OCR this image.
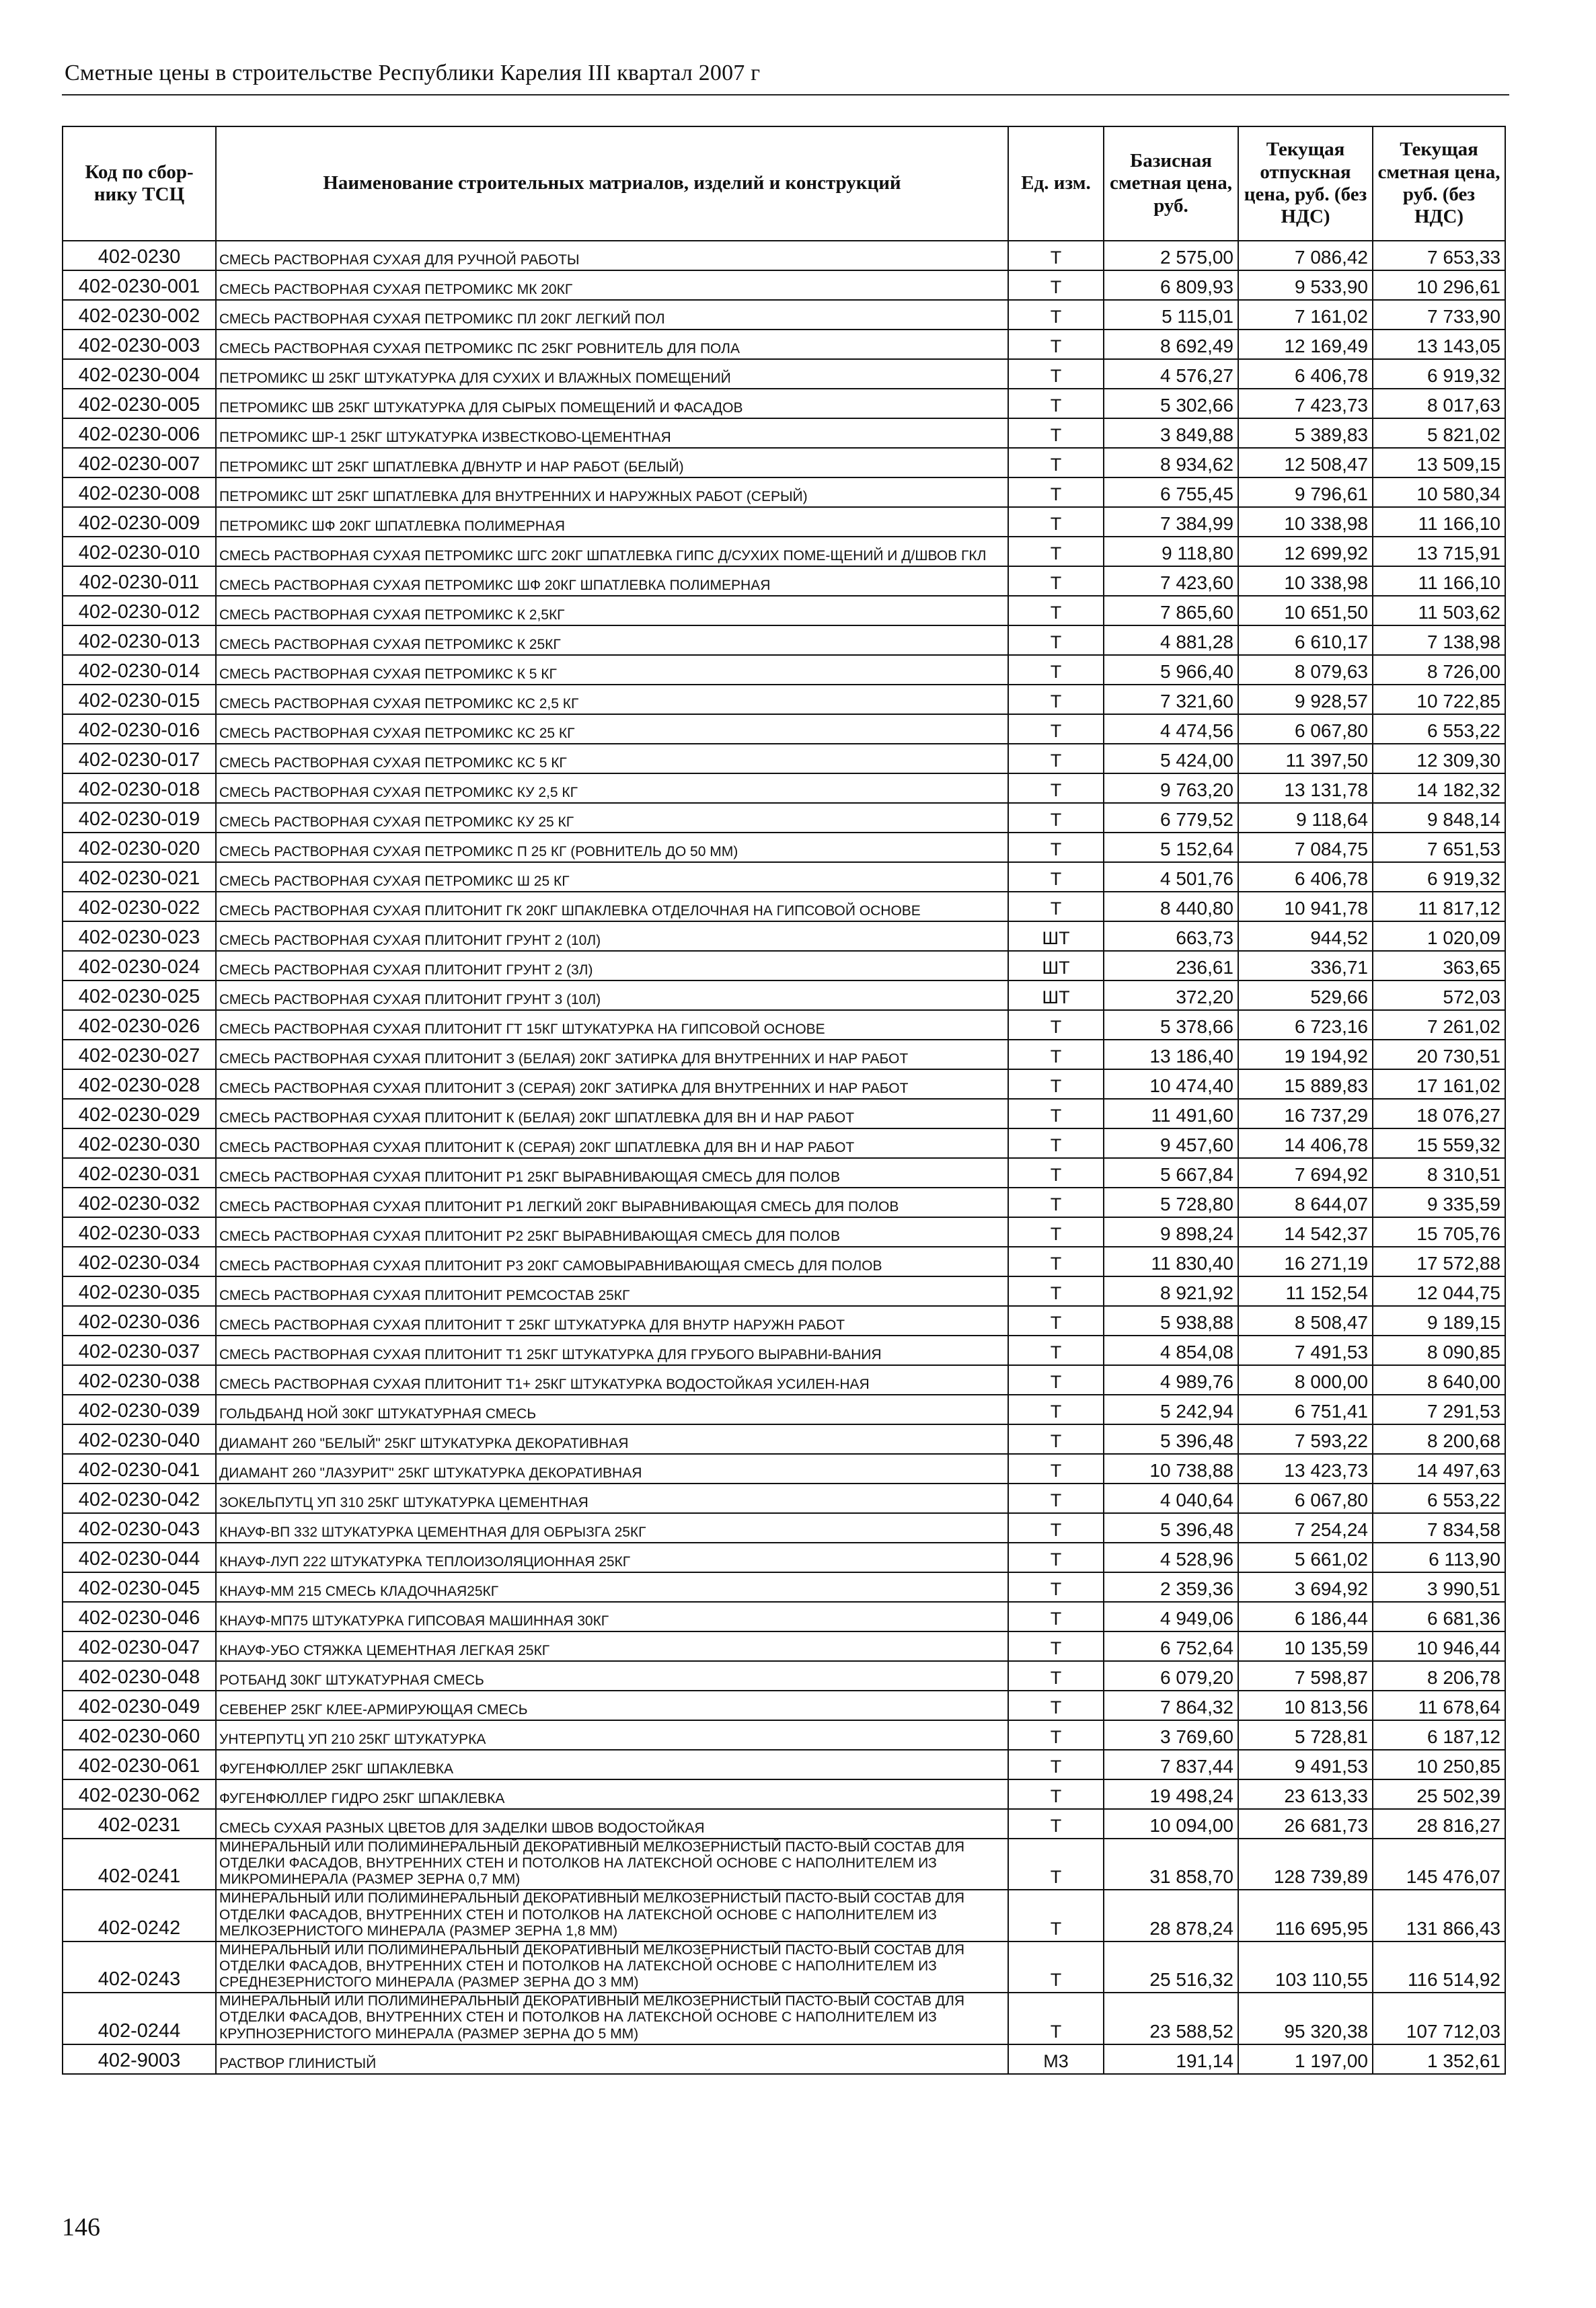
Сметные цены в строительстве Республики Карелия III квартал 2007 г
Код по сбор-нику ТСЦ	Наименование строительных матриалов, изделий и конструкций	Ед. изм.	Базисная сметная цена, руб.	Текущая отпускная цена, руб. (без НДС)	Текущая сметная цена, руб. (без НДС)
402-0230	СМЕСЬ РАСТВОРНАЯ СУХАЯ ДЛЯ РУЧНОЙ РАБОТЫ	Т	2 575,00	7 086,42	7 653,33
402-0230-001	СМЕСЬ РАСТВОРНАЯ СУХАЯ ПЕТРОМИКС МК 20КГ	Т	6 809,93	9 533,90	10 296,61
402-0230-002	СМЕСЬ РАСТВОРНАЯ СУХАЯ ПЕТРОМИКС ПЛ 20КГ ЛЕГКИЙ ПОЛ	Т	5 115,01	7 161,02	7 733,90
402-0230-003	СМЕСЬ РАСТВОРНАЯ СУХАЯ ПЕТРОМИКС ПС 25КГ РОВНИТЕЛЬ ДЛЯ ПОЛА	Т	8 692,49	12 169,49	13 143,05
402-0230-004	ПЕТРОМИКС Ш 25КГ ШТУКАТУРКА ДЛЯ СУХИХ И ВЛАЖНЫХ ПОМЕЩЕНИЙ	Т	4 576,27	6 406,78	6 919,32
402-0230-005	ПЕТРОМИКС ШВ 25КГ ШТУКАТУРКА ДЛЯ СЫРЫХ ПОМЕЩЕНИЙ И ФАСАДОВ	Т	5 302,66	7 423,73	8 017,63
402-0230-006	ПЕТРОМИКС ШР-1 25КГ ШТУКАТУРКА ИЗВЕСТКОВО-ЦЕМЕНТНАЯ	Т	3 849,88	5 389,83	5 821,02
402-0230-007	ПЕТРОМИКС ШТ 25КГ ШПАТЛЕВКА Д/ВНУТР И НАР РАБОТ (БЕЛЫЙ)	Т	8 934,62	12 508,47	13 509,15
402-0230-008	ПЕТРОМИКС ШТ 25КГ ШПАТЛЕВКА ДЛЯ ВНУТРЕННИХ И НАРУЖНЫХ РАБОТ (СЕРЫЙ)	Т	6 755,45	9 796,61	10 580,34
402-0230-009	ПЕТРОМИКС ШФ 20КГ ШПАТЛЕВКА ПОЛИМЕРНАЯ	Т	7 384,99	10 338,98	11 166,10
402-0230-010	СМЕСЬ РАСТВОРНАЯ СУХАЯ ПЕТРОМИКС ШГС 20КГ ШПАТЛЕВКА ГИПС Д/СУХИХ ПОМЕ-ЩЕНИЙ И Д/ШВОВ ГКЛ	Т	9 118,80	12 699,92	13 715,91
402-0230-011	СМЕСЬ РАСТВОРНАЯ СУХАЯ ПЕТРОМИКС ШФ 20КГ ШПАТЛЕВКА ПОЛИМЕРНАЯ	Т	7 423,60	10 338,98	11 166,10
402-0230-012	СМЕСЬ РАСТВОРНАЯ СУХАЯ ПЕТРОМИКС К 2,5КГ	Т	7 865,60	10 651,50	11 503,62
402-0230-013	СМЕСЬ РАСТВОРНАЯ СУХАЯ ПЕТРОМИКС К 25КГ	Т	4 881,28	6 610,17	7 138,98
402-0230-014	СМЕСЬ РАСТВОРНАЯ СУХАЯ ПЕТРОМИКС К 5 КГ	Т	5 966,40	8 079,63	8 726,00
402-0230-015	СМЕСЬ РАСТВОРНАЯ СУХАЯ ПЕТРОМИКС КС 2,5 КГ	Т	7 321,60	9 928,57	10 722,85
402-0230-016	СМЕСЬ РАСТВОРНАЯ СУХАЯ ПЕТРОМИКС КС 25 КГ	Т	4 474,56	6 067,80	6 553,22
402-0230-017	СМЕСЬ РАСТВОРНАЯ СУХАЯ ПЕТРОМИКС КС 5 КГ	Т	5 424,00	11 397,50	12 309,30
402-0230-018	СМЕСЬ РАСТВОРНАЯ СУХАЯ ПЕТРОМИКС КУ 2,5 КГ	Т	9 763,20	13 131,78	14 182,32
402-0230-019	СМЕСЬ РАСТВОРНАЯ СУХАЯ ПЕТРОМИКС КУ 25 КГ	Т	6 779,52	9 118,64	9 848,14
402-0230-020	СМЕСЬ РАСТВОРНАЯ СУХАЯ ПЕТРОМИКС П 25 КГ (РОВНИТЕЛЬ ДО 50 ММ)	Т	5 152,64	7 084,75	7 651,53
402-0230-021	СМЕСЬ РАСТВОРНАЯ СУХАЯ ПЕТРОМИКС Ш 25 КГ	Т	4 501,76	6 406,78	6 919,32
402-0230-022	СМЕСЬ РАСТВОРНАЯ СУХАЯ ПЛИТОНИТ ГК 20КГ ШПАКЛЕВКА ОТДЕЛОЧНАЯ НА ГИПСОВОЙ ОСНОВЕ	Т	8 440,80	10 941,78	11 817,12
402-0230-023	СМЕСЬ РАСТВОРНАЯ СУХАЯ ПЛИТОНИТ ГРУНТ 2 (10Л)	ШТ	663,73	944,52	1 020,09
402-0230-024	СМЕСЬ РАСТВОРНАЯ СУХАЯ ПЛИТОНИТ ГРУНТ 2 (3Л)	ШТ	236,61	336,71	363,65
402-0230-025	СМЕСЬ РАСТВОРНАЯ СУХАЯ ПЛИТОНИТ ГРУНТ 3 (10Л)	ШТ	372,20	529,66	572,03
402-0230-026	СМЕСЬ РАСТВОРНАЯ СУХАЯ ПЛИТОНИТ ГТ 15КГ ШТУКАТУРКА НА ГИПСОВОЙ ОСНОВЕ	Т	5 378,66	6 723,16	7 261,02
402-0230-027	СМЕСЬ РАСТВОРНАЯ СУХАЯ ПЛИТОНИТ З (БЕЛАЯ) 20КГ ЗАТИРКА ДЛЯ ВНУТРЕННИХ И НАР РАБОТ	Т	13 186,40	19 194,92	20 730,51
402-0230-028	СМЕСЬ РАСТВОРНАЯ СУХАЯ ПЛИТОНИТ З (СЕРАЯ) 20КГ ЗАТИРКА ДЛЯ ВНУТРЕННИХ И НАР РАБОТ	Т	10 474,40	15 889,83	17 161,02
402-0230-029	СМЕСЬ РАСТВОРНАЯ СУХАЯ ПЛИТОНИТ К (БЕЛАЯ) 20КГ ШПАТЛЕВКА ДЛЯ ВН И НАР РАБОТ	Т	11 491,60	16 737,29	18 076,27
402-0230-030	СМЕСЬ РАСТВОРНАЯ СУХАЯ ПЛИТОНИТ К (СЕРАЯ) 20КГ ШПАТЛЕВКА ДЛЯ ВН И НАР РАБОТ	Т	9 457,60	14 406,78	15 559,32
402-0230-031	СМЕСЬ РАСТВОРНАЯ СУХАЯ ПЛИТОНИТ Р1 25КГ ВЫРАВНИВАЮЩАЯ СМЕСЬ ДЛЯ ПОЛОВ	Т	5 667,84	7 694,92	8 310,51
402-0230-032	СМЕСЬ РАСТВОРНАЯ СУХАЯ ПЛИТОНИТ Р1 ЛЕГКИЙ 20КГ ВЫРАВНИВАЮЩАЯ СМЕСЬ ДЛЯ ПОЛОВ	Т	5 728,80	8 644,07	9 335,59
402-0230-033	СМЕСЬ РАСТВОРНАЯ СУХАЯ ПЛИТОНИТ Р2 25КГ ВЫРАВНИВАЮЩАЯ СМЕСЬ ДЛЯ ПОЛОВ	Т	9 898,24	14 542,37	15 705,76
402-0230-034	СМЕСЬ РАСТВОРНАЯ СУХАЯ ПЛИТОНИТ Р3 20КГ САМОВЫРАВНИВАЮЩАЯ СМЕСЬ ДЛЯ ПОЛОВ	Т	11 830,40	16 271,19	17 572,88
402-0230-035	СМЕСЬ РАСТВОРНАЯ СУХАЯ ПЛИТОНИТ РЕМСОСТАВ 25КГ	Т	8 921,92	11 152,54	12 044,75
402-0230-036	СМЕСЬ РАСТВОРНАЯ СУХАЯ ПЛИТОНИТ Т 25КГ ШТУКАТУРКА ДЛЯ ВНУТР НАРУЖН РАБОТ	Т	5 938,88	8 508,47	9 189,15
402-0230-037	СМЕСЬ РАСТВОРНАЯ СУХАЯ ПЛИТОНИТ Т1 25КГ ШТУКАТУРКА ДЛЯ ГРУБОГО ВЫРАВНИ-ВАНИЯ	Т	4 854,08	7 491,53	8 090,85
402-0230-038	СМЕСЬ РАСТВОРНАЯ СУХАЯ ПЛИТОНИТ Т1+ 25КГ ШТУКАТУРКА ВОДОСТОЙКАЯ УСИЛЕН-НАЯ	Т	4 989,76	8 000,00	8 640,00
402-0230-039	ГОЛЬДБАНД НОЙ 30КГ ШТУКАТУРНАЯ СМЕСЬ	Т	5 242,94	6 751,41	7 291,53
402-0230-040	ДИАМАНТ 260 "БЕЛЫЙ" 25КГ ШТУКАТУРКА ДЕКОРАТИВНАЯ	Т	5 396,48	7 593,22	8 200,68
402-0230-041	ДИАМАНТ 260 "ЛАЗУРИТ" 25КГ ШТУКАТУРКА ДЕКОРАТИВНАЯ	Т	10 738,88	13 423,73	14 497,63
402-0230-042	ЗОКЕЛЬПУТЦ УП 310 25КГ ШТУКАТУРКА ЦЕМЕНТНАЯ	Т	4 040,64	6 067,80	6 553,22
402-0230-043	КНАУФ-ВП 332 ШТУКАТУРКА ЦЕМЕНТНАЯ ДЛЯ ОБРЫЗГА 25КГ	Т	5 396,48	7 254,24	7 834,58
402-0230-044	КНАУФ-ЛУП 222 ШТУКАТУРКА ТЕПЛОИЗОЛЯЦИОННАЯ 25КГ	Т	4 528,96	5 661,02	6 113,90
402-0230-045	КНАУФ-ММ 215 СМЕСЬ КЛАДОЧНАЯ25КГ	Т	2 359,36	3 694,92	3 990,51
402-0230-046	КНАУФ-МП75 ШТУКАТУРКА ГИПСОВАЯ МАШИННАЯ 30КГ	Т	4 949,06	6 186,44	6 681,36
402-0230-047	КНАУФ-УБО СТЯЖКА ЦЕМЕНТНАЯ ЛЕГКАЯ 25КГ	Т	6 752,64	10 135,59	10 946,44
402-0230-048	РОТБАНД 30КГ ШТУКАТУРНАЯ СМЕСЬ	Т	6 079,20	7 598,87	8 206,78
402-0230-049	СЕВЕНЕР 25КГ КЛЕЕ-АРМИРУЮЩАЯ СМЕСЬ	Т	7 864,32	10 813,56	11 678,64
402-0230-060	УНТЕРПУТЦ УП 210 25КГ ШТУКАТУРКА	Т	3 769,60	5 728,81	6 187,12
402-0230-061	ФУГЕНФЮЛЛЕР 25КГ ШПАКЛЕВКА	Т	7 837,44	9 491,53	10 250,85
402-0230-062	ФУГЕНФЮЛЛЕР ГИДРО 25КГ ШПАКЛЕВКА	Т	19 498,24	23 613,33	25 502,39
402-0231	СМЕСЬ СУХАЯ РАЗНЫХ ЦВЕТОВ ДЛЯ ЗАДЕЛКИ ШВОВ ВОДОСТОЙКАЯ	Т	10 094,00	26 681,73	28 816,27
402-0241	МИНЕРАЛЬНЫЙ ИЛИ ПОЛИМИНЕРАЛЬНЫЙ ДЕКОРАТИВНЫЙ МЕЛКОЗЕРНИСТЫЙ ПАСТО-ВЫЙ СОСТАВ ДЛЯ ОТДЕЛКИ ФАСАДОВ, ВНУТРЕННИХ СТЕН И ПОТОЛКОВ НА ЛАТЕКСНОЙ ОСНОВЕ С НАПОЛНИТЕЛЕМ ИЗ МИКРОМИНЕРАЛА (РАЗМЕР ЗЕРНА 0,7 ММ)	Т	31 858,70	128 739,89	145 476,07
402-0242	МИНЕРАЛЬНЫЙ ИЛИ ПОЛИМИНЕРАЛЬНЫЙ ДЕКОРАТИВНЫЙ МЕЛКОЗЕРНИСТЫЙ ПАСТО-ВЫЙ СОСТАВ ДЛЯ ОТДЕЛКИ ФАСАДОВ, ВНУТРЕННИХ СТЕН И ПОТОЛКОВ НА ЛАТЕКСНОЙ ОСНОВЕ С НАПОЛНИТЕЛЕМ ИЗ МЕЛКОЗЕРНИСТОГО МИНЕРАЛА (РАЗМЕР ЗЕРНА 1,8 ММ)	Т	28 878,24	116 695,95	131 866,43
402-0243	МИНЕРАЛЬНЫЙ ИЛИ ПОЛИМИНЕРАЛЬНЫЙ ДЕКОРАТИВНЫЙ МЕЛКОЗЕРНИСТЫЙ ПАСТО-ВЫЙ СОСТАВ ДЛЯ ОТДЕЛКИ ФАСАДОВ, ВНУТРЕННИХ СТЕН И ПОТОЛКОВ НА ЛАТЕКСНОЙ ОСНОВЕ С НАПОЛНИТЕЛЕМ ИЗ СРЕДНЕЗЕРНИСТОГО МИНЕРАЛА (РАЗМЕР ЗЕРНА ДО 3 ММ)	Т	25 516,32	103 110,55	116 514,92
402-0244	МИНЕРАЛЬНЫЙ ИЛИ ПОЛИМИНЕРАЛЬНЫЙ ДЕКОРАТИВНЫЙ МЕЛКОЗЕРНИСТЫЙ ПАСТО-ВЫЙ СОСТАВ ДЛЯ ОТДЕЛКИ ФАСАДОВ, ВНУТРЕННИХ СТЕН И ПОТОЛКОВ НА ЛАТЕКСНОЙ ОСНОВЕ С НАПОЛНИТЕЛЕМ ИЗ КРУПНОЗЕРНИСТОГО МИНЕРАЛА (РАЗМЕР ЗЕРНА ДО 5 ММ)	Т	23 588,52	95 320,38	107 712,03
402-9003	РАСТВОР ГЛИНИСТЫЙ	М3	191,14	1 197,00	1 352,61
146
